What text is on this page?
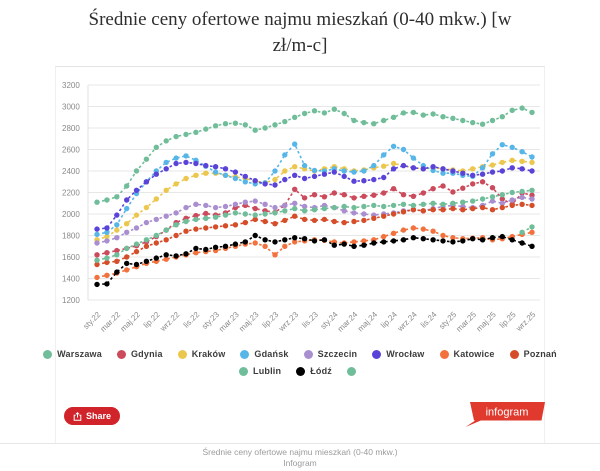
Średnie ceny ofertowe najmu mieszkań (0-40 mkw.) [w zł/m-c]
1200
1400
1600
1800
2000
2200
2400
2600
2800
3000
3200
sty.22
mar.22
maj.22 lip.22
wrz.22 lis.22
sty.23
mar.23
maj.23 lip.23
wrz.23 lis.23
sty.24
mar.24
maj.24 lip.24
wrz.24 lis.24
sty.25
mar.25
maj.25 lip.25
wrz.25
Warszawa	Gdynia	Kraków	Gdańsk	Szczecin	Wrocław	Katowice	Poznań
Lublin	Łódź
Share	infogram
Średnie ceny ofertowe najmu mieszkań (0-40 mkw.)
Infogram
